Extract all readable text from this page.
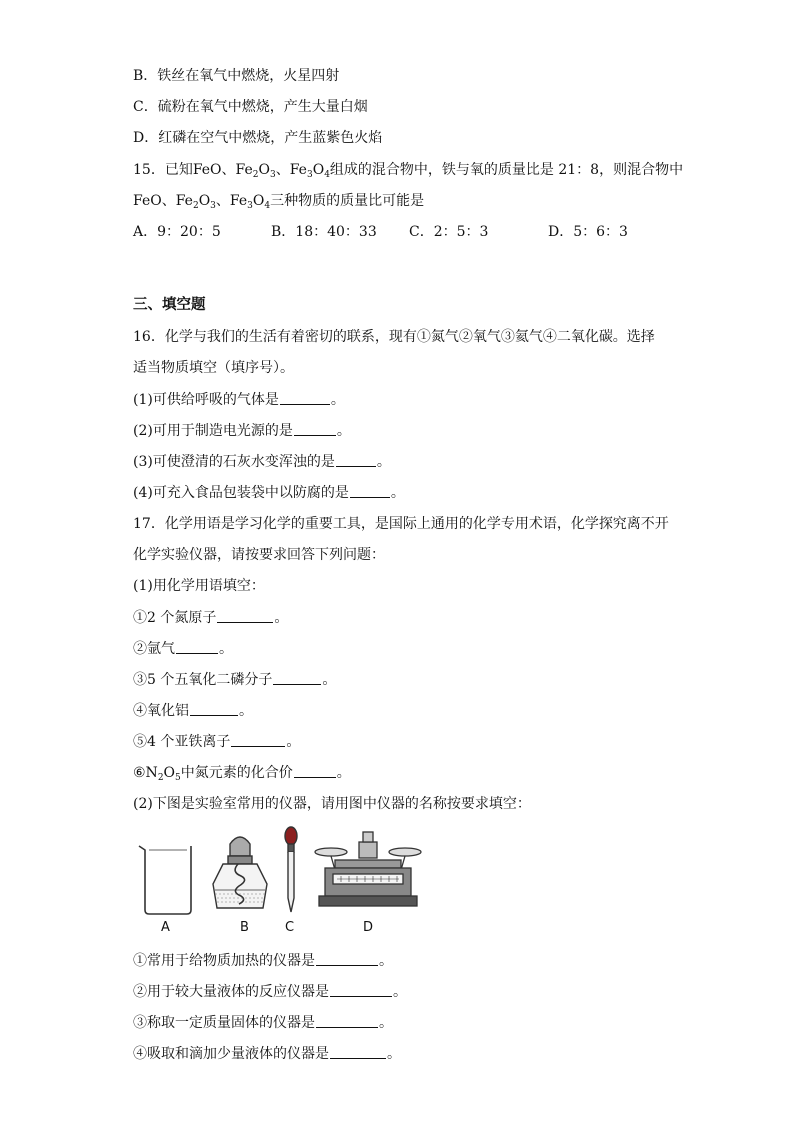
B．铁丝在氧气中燃烧，火星四射
C．硫粉在氧气中燃烧，产生大量白烟
D．红磷在空气中燃烧，产生蓝紫色火焰
15．已知FeO、$Fe_2O_3$、$Fe_3O_4$组成的混合物中，铁与氧的质量比是 21：8，则混合物中
FeO、$Fe_2O_3$、$Fe_3O_4$三种物质的质量比可能是
A．9：20：5	B．18：40：33 C．2：5：3	D．5：6：3
三、填空题
16．化学与我们的生活有着密切的联系，现有①氮气②氧气③氦气④二氧化碳。选择
适当物质填空（填序号）。
(1)可供给呼吸的气体是	。
(2)可用于制造电光源的是	。
(3)可使澄清的石灰水变浑浊的是	。
(4)可充入食品包装袋中以防腐的是	。
17．化学用语是学习化学的重要工具，是国际上通用的化学专用术语，化学探究离不开
化学实验仪器，请按要求回答下列问题：
(1)用化学用语填空：
①2 个氮原子	。
②氩气	。
③5 个五氧化二磷分子	。
④氧化铝	。
⑤4 个亚铁离子	。
$⑥N_2O_5$中氮元素的化合价	。
(2)下图是实验室常用的仪器，请用图中仪器的名称按要求填空：
A	B	C	D
①常用于给物质加热的仪器是	。
②用于较大量液体的反应仪器是	。
③称取一定质量固体的仪器是	。
④吸取和滴加少量液体的仪器是	。
